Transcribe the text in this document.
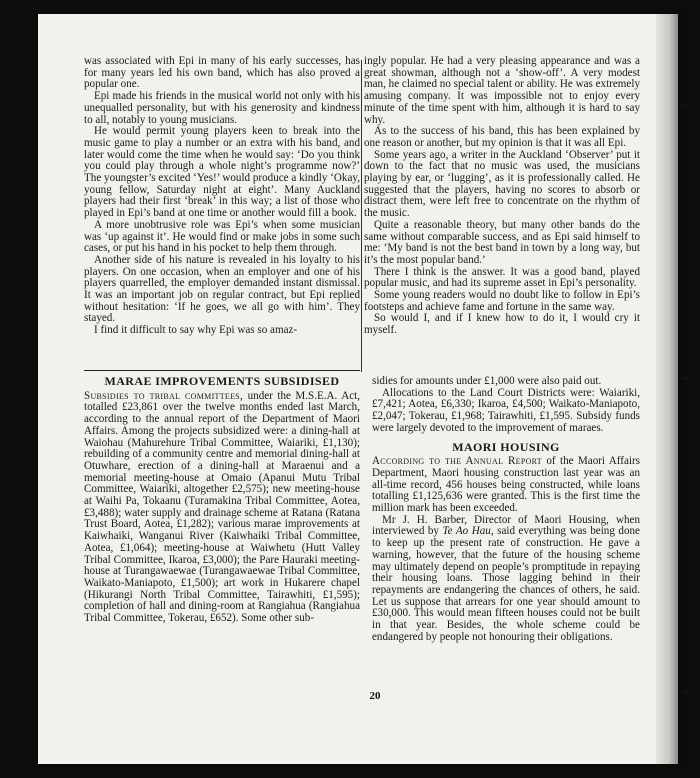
was associated with Epi in many of his early successes, has for many years led his own band, which has also proved a popular one.

Epi made his friends in the musical world not only with his unequalled personality, but with his generosity and kindness to all, notably to young musicians.

He would permit young players keen to break into the music game to play a number or an extra with his band, and later would come the time when he would say: ‘Do you think you could play through a whole night’s programme now?’ The youngster’s excited ‘Yes!’ would produce a kindly ‘Okay, young fellow, Saturday night at eight’. Many Auckland players had their first ‘break’ in this way; a list of those who played in Epi’s band at one time or another would fill a book.

A more unobtrusive role was Epi’s when some musician was ‘up against it’. He would find or make jobs in some such cases, or put his hand in his pocket to help them through.

Another side of his nature is revealed in his loyalty to his players. On one occasion, when an employer and one of his players quarrelled, the employer demanded instant dismissal. It was an important job on regular contract, but Epi replied without hesitation: ‘If he goes, we all go with him’. They stayed.

I find it difficult to say why Epi was so amaz-

ingly popular. He had a very pleasing appearance and was a great showman, although not a ‘show-off’. A very modest man, he claimed no special talent or ability. He was extremely amusing company. It was impossible not to enjoy every minute of the time spent with him, although it is hard to say why.

As to the success of his band, this has been explained by one reason or another, but my opinion is that it was all Epi.

Some years ago, a writer in the Auckland ‘Observer’ put it down to the fact that no music was used, the musicians playing by ear, or ‘lugging’, as it is professionally called. He suggested that the players, having no scores to absorb or distract them, were left free to concentrate on the rhythm of the music.

Quite a reasonable theory, but many other bands do the same without comparable success, and as Epi said himself to me: ‘My band is not the best band in town by a long way, but it’s the most popular band.’

There I think is the answer. It was a good band, played popular music, and had its supreme asset in Epi’s personality.

Some young readers would no doubt like to follow in Epi’s footsteps and achieve fame and fortune in the same way.

So would I, and if I knew how to do it, I would cry it myself.

MARAE IMPROVEMENTS SUBSIDISED

Subsidies to tribal committees, under the M.S.E.A. Act, totalled £23,861 over the twelve months ended last March, according to the annual report of the Department of Maori Affairs. Among the projects subsidized were: a dining-hall at Waiohau (Mahurehure Tribal Committee, Waiariki, £1,130); rebuilding of a community centre and memorial dining-hall at Otuwhare, erection of a dining-hall at Maraenui and a memorial meeting-house at Omaio (Apanui Mutu Tribal Committee, Waiariki, altogether £2,575); new meeting-house at Waihi Pa, Tokaanu (Turamakina Tribal Committee, Aotea, £3,488); water supply and drainage scheme at Ratana (Ratana Trust Board, Aotea, £1,282); various marae improvements at Kaiwhaiki, Wanganui River (Kaiwhaiki Tribal Committee, Aotea, £1,064); meeting-house at Waiwhetu (Hutt Valley Tribal Committee, Ikaroa, £3,000); the Pare Hauraki meeting-house at Turangawaewae (Turangawaewae Tribal Committee, Waikato-Maniapoto, £1,500); art work in Hukarere chapel (Hikurangi North Tribal Committee, Tairawhiti, £1,595); completion of hall and dining-room at Rangiahua (Rangiahua Tribal Committee, Tokerau, £652). Some other sub-

sidies for amounts under £1,000 were also paid out.

Allocations to the Land Court Districts were: Waiariki, £7,421; Aotea, £6,330; Ikaroa, £4,500; Waikato-Maniapoto, £2,047; Tokerau, £1,968; Tairawhiti, £1,595. Subsidy funds were largely devoted to the improvement of maraes.

MAORI HOUSING

According to the Annual Report of the Maori Affairs Department, Maori housing construction last year was an all-time record, 456 houses being constructed, while loans totalling £1,125,636 were granted. This is the first time the million mark has been exceeded.

Mr J. H. Barber, Director of Maori Housing, when interviewed by Te Ao Hau, said everything was being done to keep up the present rate of construction. He gave a warning, however, that the future of the housing scheme may ultimately depend on people’s promptitude in repaying their housing loans. Those lagging behind in their repayments are endangering the chances of others, he said. Let us suppose that arrears for one year should amount to £30,000. This would mean fifteen houses could not be built in that year. Besides, the whole scheme could be endangered by people not honouring their obligations.

20
